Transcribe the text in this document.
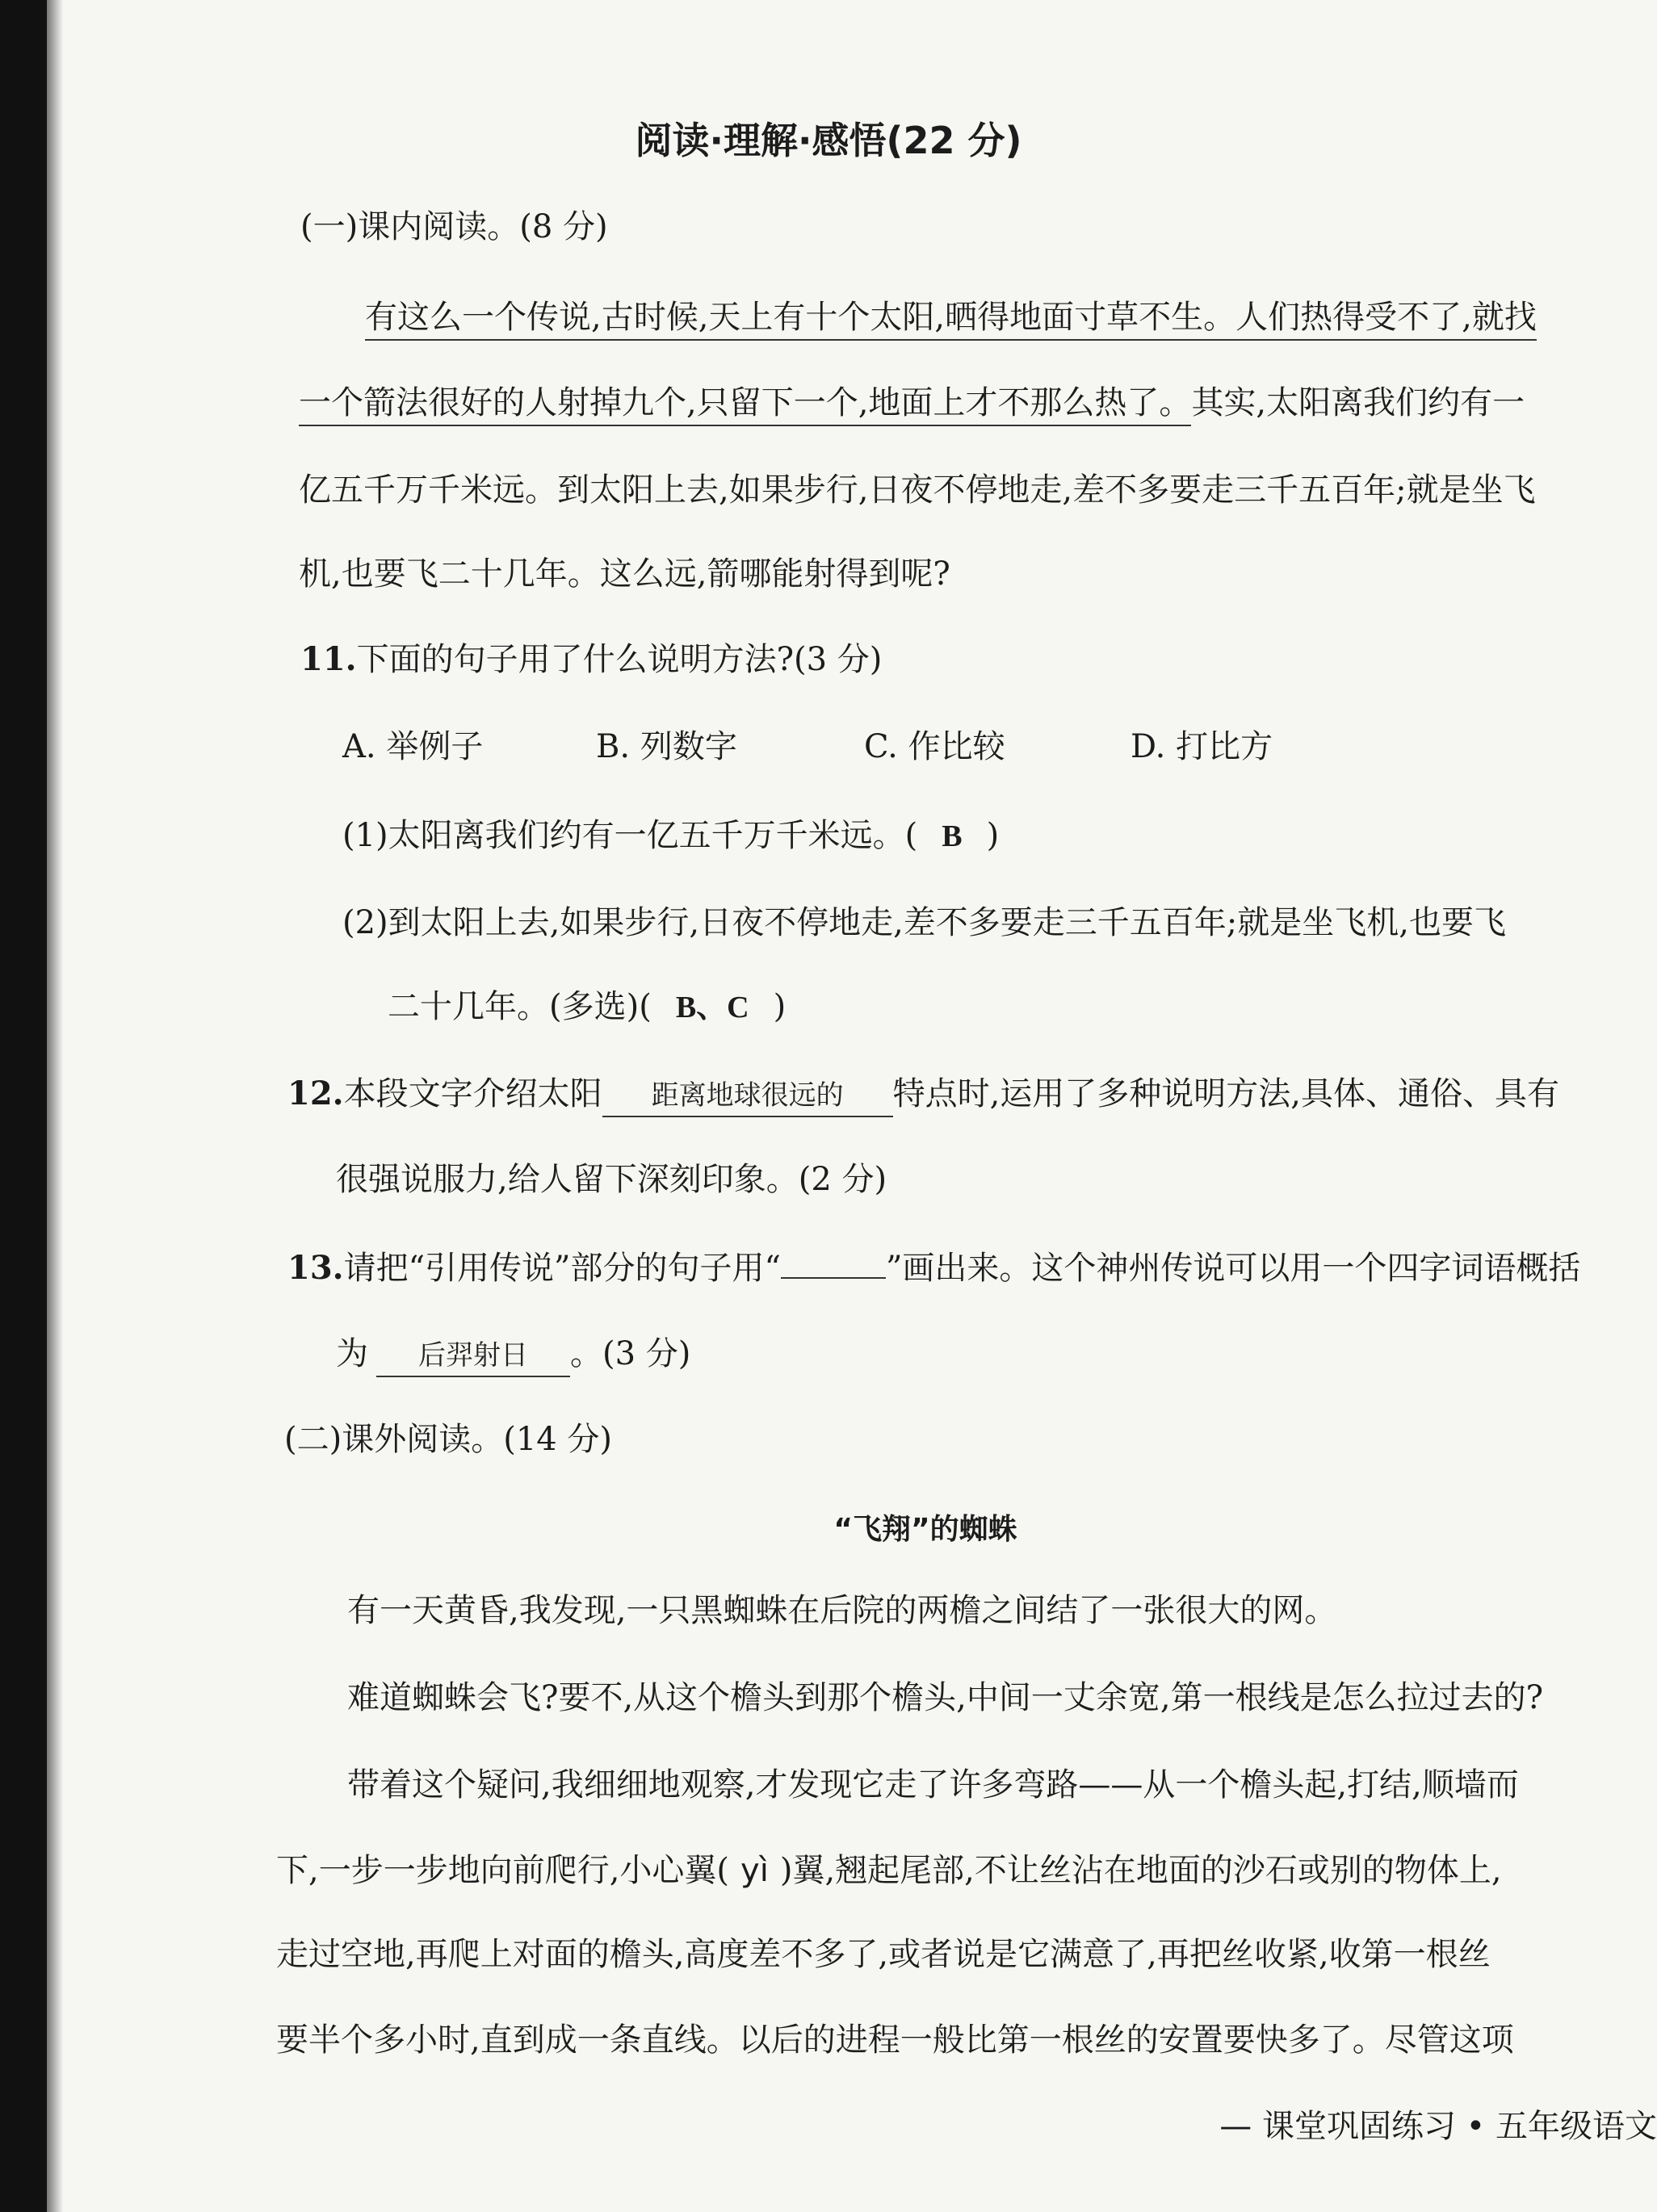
阅读·理解·感悟(22 分)
(一)课内阅读。(8 分)
有这么一个传说,古时候,天上有十个太阳,晒得地面寸草不生。人们热得受不了,就找
一个箭法很好的人射掉九个,只留下一个,地面上才不那么热了。其实,太阳离我们约有一
亿五千万千米远。到太阳上去,如果步行,日夜不停地走,差不多要走三千五百年;就是坐飞
机,也要飞二十几年。这么远,箭哪能射得到呢?
11.下面的句子用了什么说明方法?(3 分)
A. 举例子	B. 列数字	C. 作比较	D. 打比方
(1)太阳离我们约有一亿五千万千米远。( B )
(2)到太阳上去,如果步行,日夜不停地走,差不多要走三千五百年;就是坐飞机,也要飞
二十几年。(多选)( B、C )
12.本段文字介绍太阳 距离地球很远的 特点时,运用了多种说明方法,具体、通俗、具有
很强说服力,给人留下深刻印象。(2 分)
13.请把“引用传说”部分的句子用“	”画出来。这个神州传说可以用一个四字词语概括
为 后羿射日 。(3 分)
(二)课外阅读。(14 分)
“飞翔”的蜘蛛
有一天黄昏,我发现,一只黑蜘蛛在后院的两檐之间结了一张很大的网。
难道蜘蛛会飞?要不,从这个檐头到那个檐头,中间一丈余宽,第一根线是怎么拉过去的?
带着这个疑问,我细细地观察,才发现它走了许多弯路——从一个檐头起,打结,顺墙而
下,一步一步地向前爬行,小心翼( yì )翼,翘起尾部,不让丝沾在地面的沙石或别的物体上,
走过空地,再爬上对面的檐头,高度差不多了,或者说是它满意了,再把丝收紧,收第一根丝
要半个多小时,直到成一条直线。以后的进程一般比第一根丝的安置要快多了。尽管这项
— 课堂巩固练习 • 五年级语文
